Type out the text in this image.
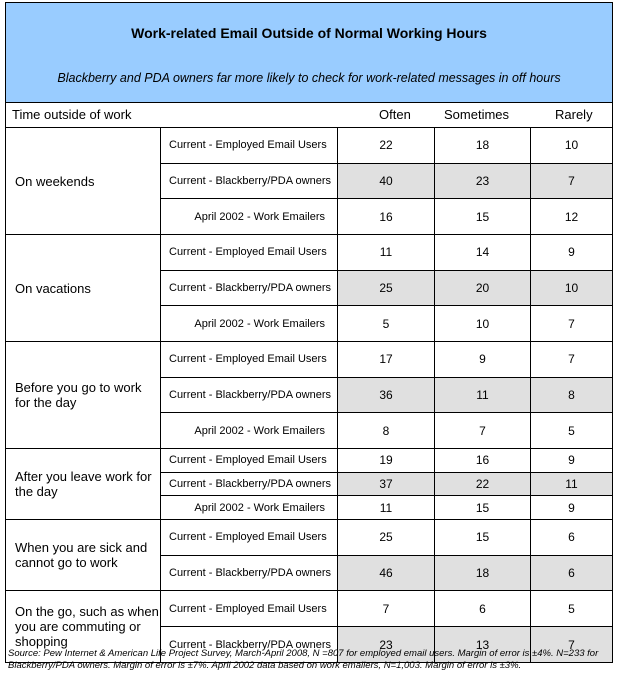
Work-related Email Outside of Normal Working Hours
Blackberry and PDA owners far more likely to check for work-related messages in off hours
Time outside of work	Often	Sometimes	Rarely
On weekends
Current - Employed Email Users	22	18	10
Current - Blackberry/PDA owners	40	23	7
April 2002 - Work Emailers	16	15	12
On vacations
Current - Employed Email Users	11	14	9
Current - Blackberry/PDA owners	25	20	10
April 2002 - Work Emailers	5	10	7
Before you go to work for the day
Current - Employed Email Users	17	9	7
Current - Blackberry/PDA owners	36	11	8
April 2002 - Work Emailers	8	7	5
After you leave work for the day
Current - Employed Email Users	19	16	9
Current - Blackberry/PDA owners	37	22	11
April 2002 - Work Emailers	11	15	9
When you are sick and cannot go to work
Current - Employed Email Users	25	15	6
Current - Blackberry/PDA owners	46	18	6
On the go, such as when you are commuting or shopping
Current - Employed Email Users	7	6	5
Current - Blackberry/PDA owners	23	13	7
Source: Pew Internet & American Life Project Survey, March-April 2008, N =807 for employed email users. Margin of error is ±4%. N=233 for Blackberry/PDA owners. Margin of error is ±7%. April 2002 data based on work emailers, N=1,003. Margin of error is ±3%.
